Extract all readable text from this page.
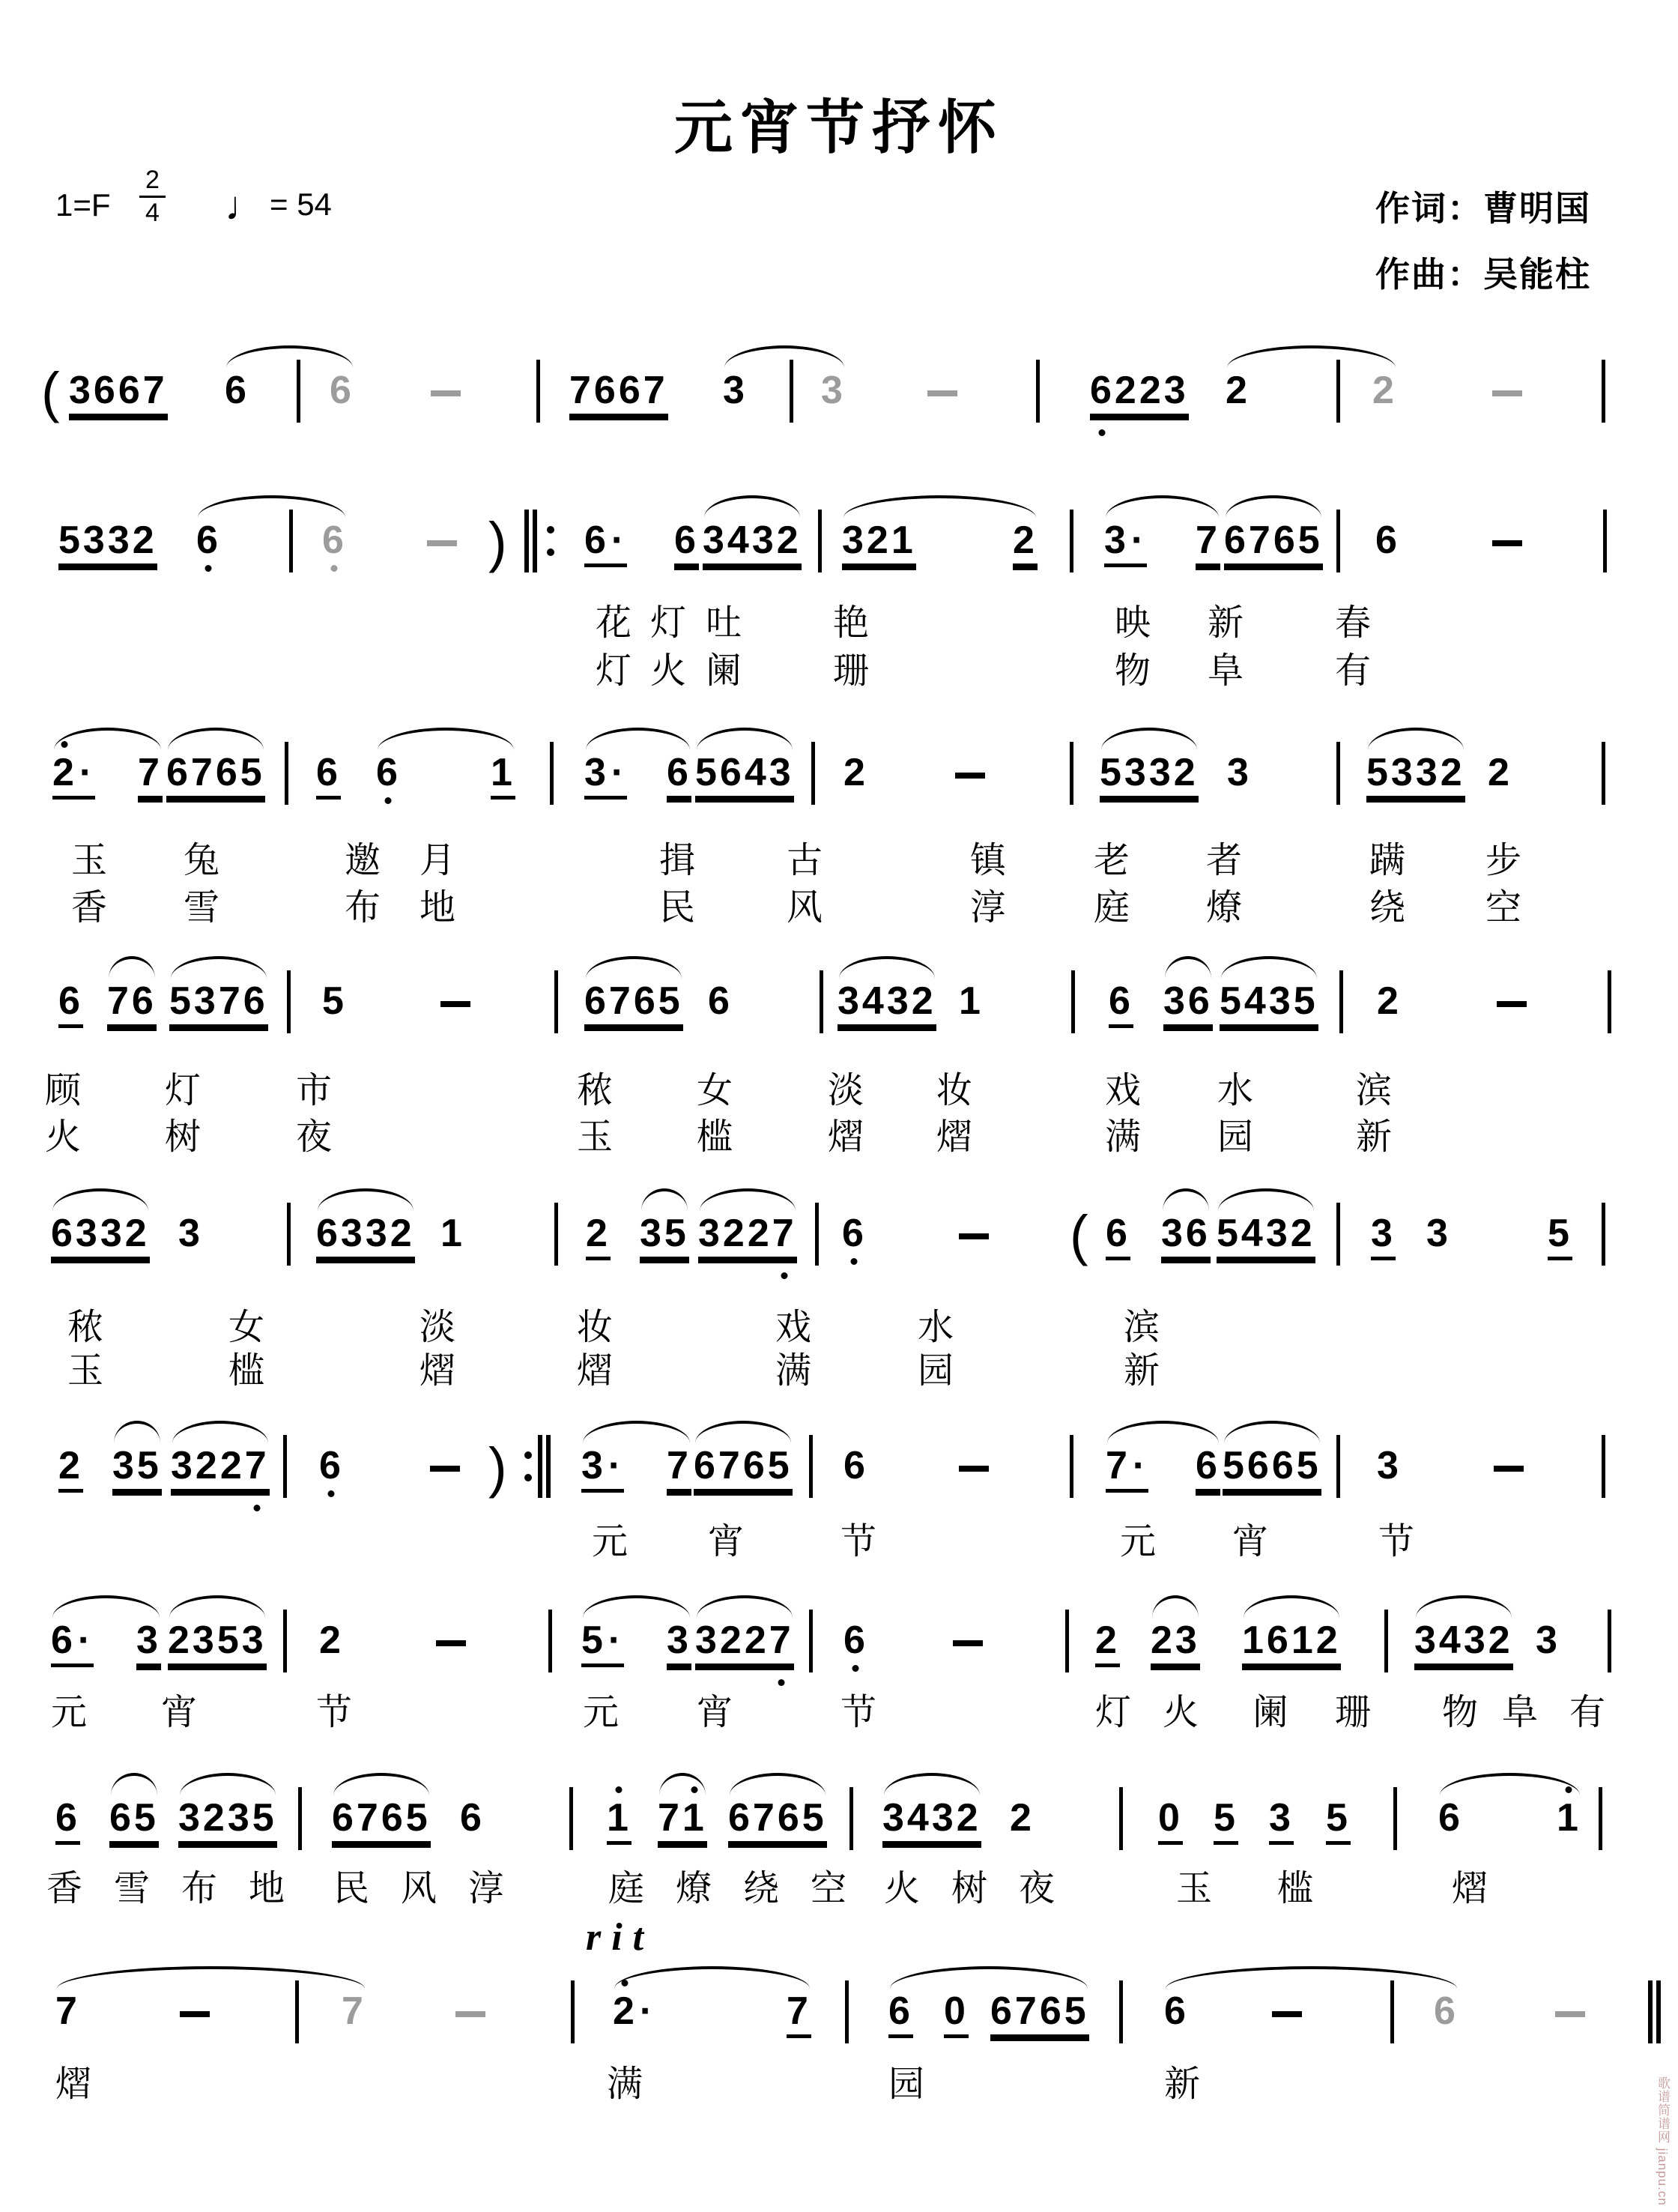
元宵节抒怀
作词：曹明国
作曲：吴能柱
$1=F \frac{2}{4}$ ♩ = 54
( 3667 6 6	7667 3 3	6223 2	2
5332 6	6	) 6· 6 3432 321 2 3· 7 6765 6
花 灯 吐	艳	映 新	春
灯 火 阑	珊	物 阜	有
2· 7 6765 6 6 1 3· 6 5643 2	5332 3	5332 2
玉 兔	邀 月	揖	古	镇 老 者	蹒 步
香 雪	布 地	民	风	淳 庭 燎	绕 空
6 76 5376 5	6765 6	3432 1	6 36 5435 2
顾 灯	市	秾 女	淡 妆	戏 水	滨
火 树	夜	玉 槛	熠 熠	满 园	新
6332 3	6332 1	2 35 3227 6	( 6 36 5432 3 3 5
秾	女	淡	妆	戏	水	滨
玉	槛	熠	熠	满	园	新
2 35 3227 6	) 3· 7 6765 6	7· 6 5665 3
元 宵	节	元 宵	节
6· 3 2353 2	5· 3 3227 6	2 23 1612 3432 3
元 宵	节	元 宵	节	灯 火 阑 珊 物 阜 有
6 65 3235 6765 6	1 71 6765 3432 2	0 5 3 5 6 1
香 雪 布 地 民 风 淳	庭 燎 绕 空 火 树 夜	玉 槛	熠
7	7	2·	7 6 0 6765 6	6
熠	满	园	新
rit
歌谱简谱网 jianpu.cn
